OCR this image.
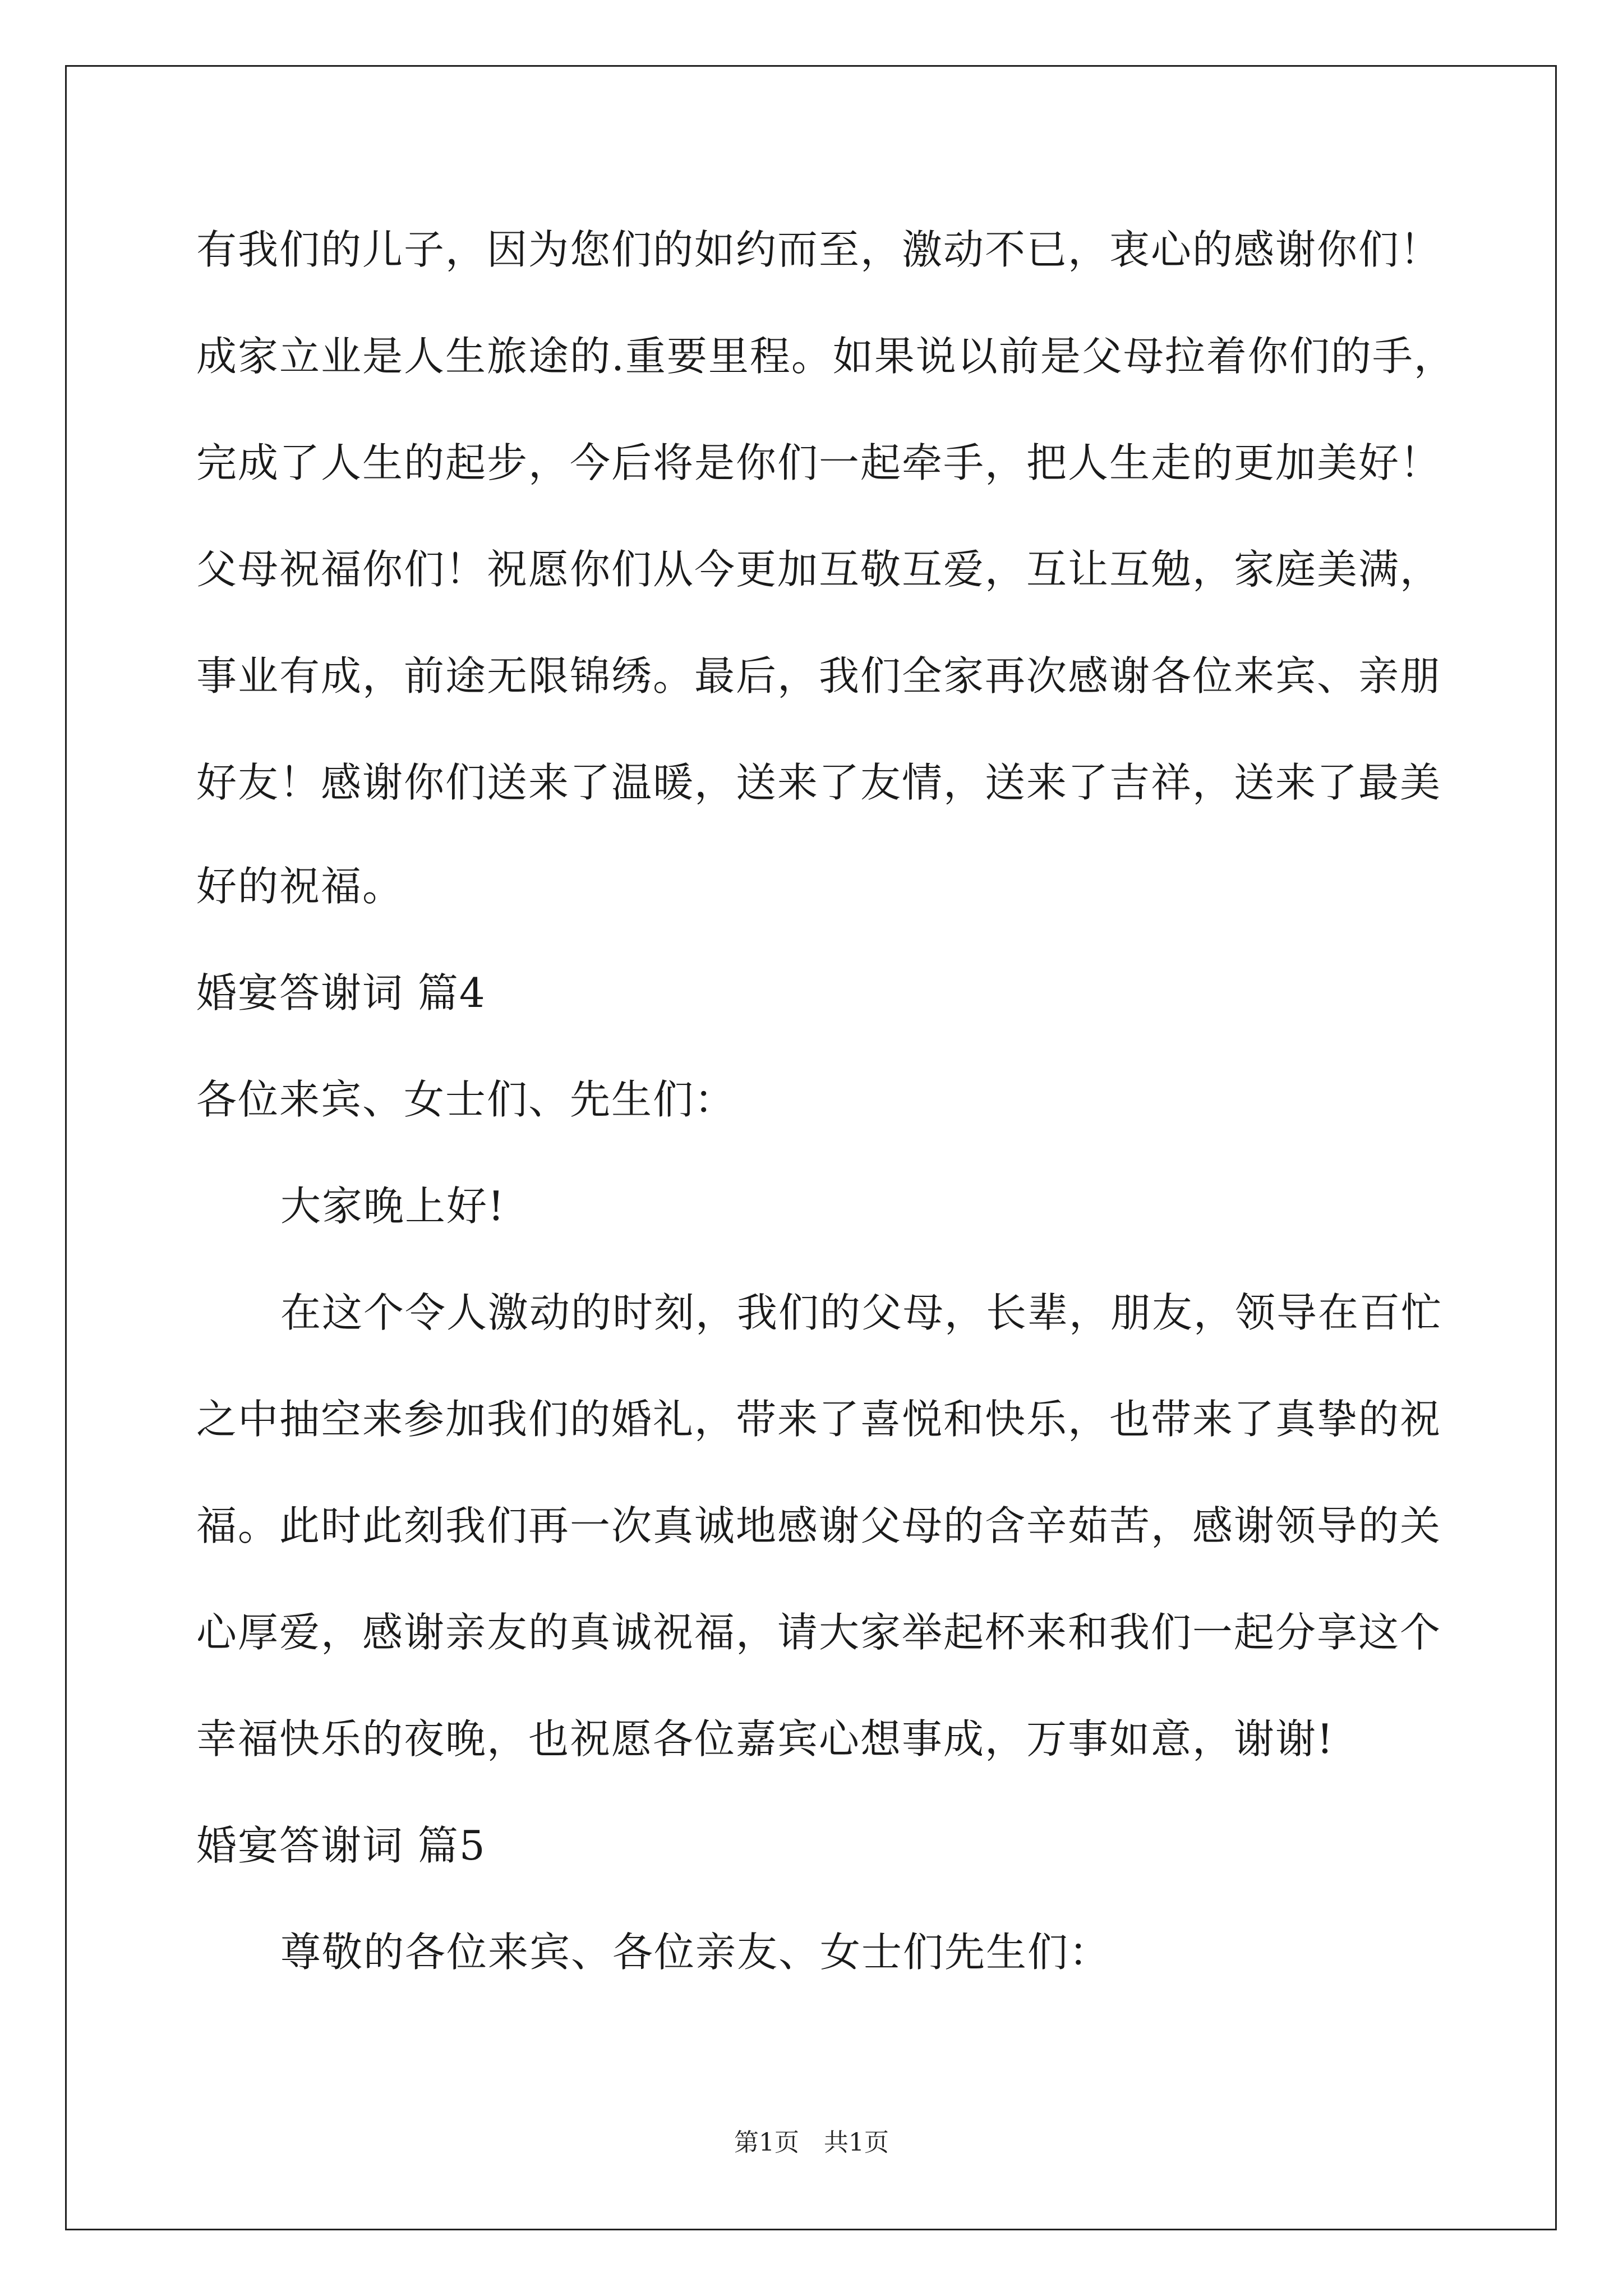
有我们的儿子，因为您们的如约而至，激动不已，衷心的感谢你们！
成家立业是人生旅途的.重要里程。如果说以前是父母拉着你们的手，
完成了人生的起步，今后将是你们一起牵手，把人生走的更加美好！
父母祝福你们！祝愿你们从今更加互敬互爱，互让互勉，家庭美满，
事业有成，前途无限锦绣。最后，我们全家再次感谢各位来宾、亲朋
好友！感谢你们送来了温暖，送来了友情，送来了吉祥，送来了最美
好的祝福。
婚宴答谢词 篇4
各位来宾、女士们、先生们：
大家晚上好!
在这个令人激动的时刻，我们的父母，长辈，朋友，领导在百忙
之中抽空来参加我们的婚礼，带来了喜悦和快乐，也带来了真挚的祝
福。此时此刻我们再一次真诚地感谢父母的含辛茹苦，感谢领导的关
心厚爱，感谢亲友的真诚祝福，请大家举起杯来和我们一起分享这个
幸福快乐的夜晚，也祝愿各位嘉宾心想事成，万事如意，谢谢!
婚宴答谢词 篇5
尊敬的各位来宾、各位亲友、女士们先生们：
第1页　共1页
